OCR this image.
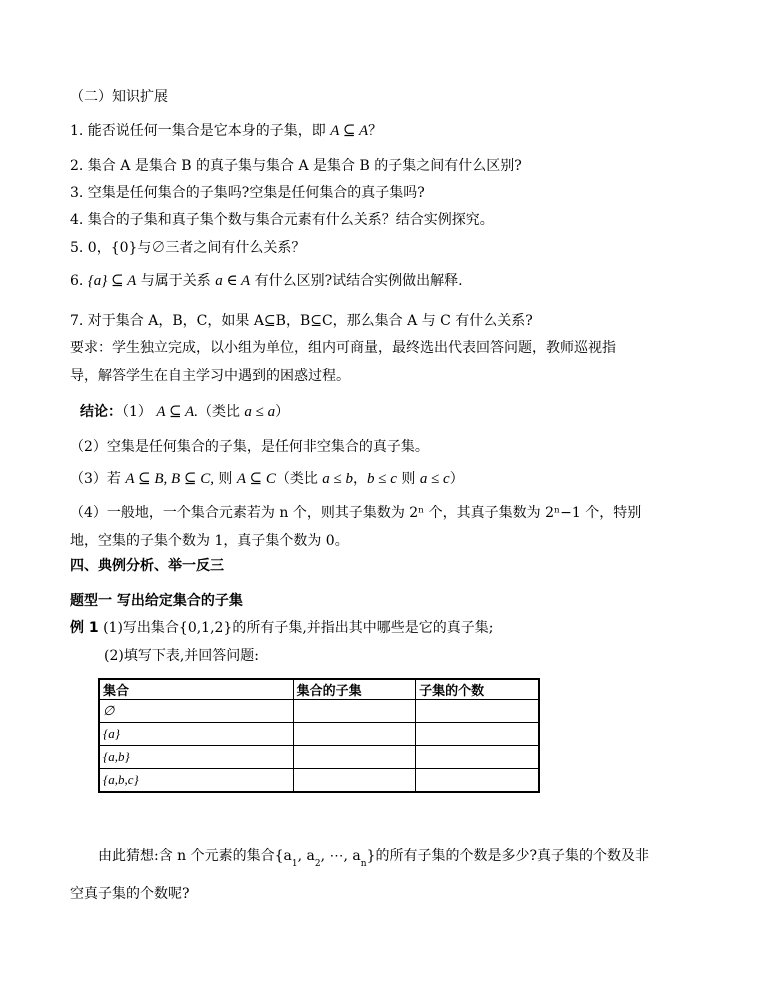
（二）知识扩展
1. 能否说任何一集合是它本身的子集，即 A ⊆ A？
2. 集合 A 是集合 B 的真子集与集合 A 是集合 B 的子集之间有什么区别?
3. 空集是任何集合的子集吗?空集是任何集合的真子集吗?
4. 集合的子集和真子集个数与集合元素有什么关系？结合实例探究。
5. 0，{0}与∅三者之间有什么关系？
6. {a} ⊆ A 与属于关系 a ∈ A 有什么区别?试结合实例做出解释.
7. 对于集合 A，B，C，如果 A⊆B，B⊆C，那么集合 A 与 C 有什么关系?
要求：学生独立完成，以小组为单位，组内可商量，最终选出代表回答问题，教师巡视指
导，解答学生在自主学习中遇到的困惑过程。
结论：（1） A ⊆ A.（类比 a ≤ a）
（2）空集是任何集合的子集，是任何非空集合的真子集。
（3）若 A ⊆ B, B ⊆ C, 则 A ⊆ C（类比 a ≤ b，b ≤ c 则 a ≤ c）
（4）一般地，一个集合元素若为 n 个，则其子集数为 2ⁿ 个，其真子集数为 2ⁿ−1 个，特别
地，空集的子集个数为 1，真子集个数为 0。
四、典例分析、举一反三
题型一 写出给定集合的子集
例 1 (1)写出集合{0,1,2}的所有子集,并指出其中哪些是它的真子集;
(2)填写下表,并回答问题:
集合	集合的子集	子集的个数
∅		
{a}		
{a,b}		
{a,b,c}		
由此猜想:含 n 个元素的集合{$a_1$, $a_2$, ⋯, $a_n$}的所有子集的个数是多少?真子集的个数及非
空真子集的个数呢?
